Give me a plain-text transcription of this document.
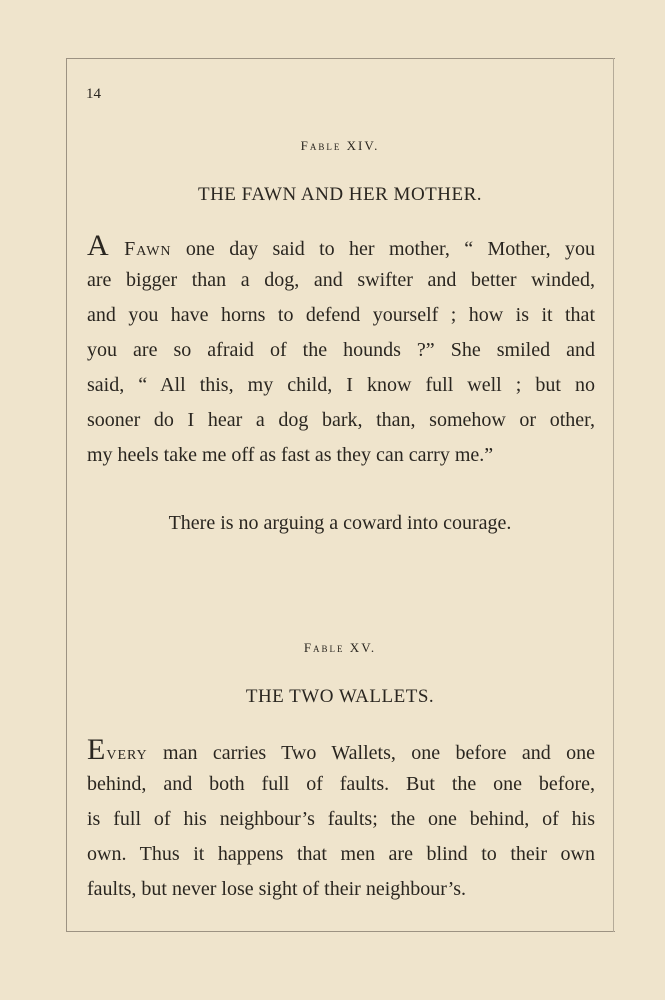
14
Fable XIV.
THE FAWN AND HER MOTHER.
A Fawn one day said to her mother, “ Mother, you
are bigger than a dog, and swifter and better winded,
and you have horns to defend yourself ; how is it that
you are so afraid of the hounds ?” She smiled and
said, “ All this, my child, I know full well ; but no
sooner do I hear a dog bark, than, somehow or other,
my heels take me off as fast as they can carry me.”
There is no arguing a coward into courage.
Fable XV.
THE TWO WALLETS.
Every man carries Two Wallets, one before and one
behind, and both full of faults. But the one before,
is full of his neighbour’s faults; the one behind, of his
own. Thus it happens that men are blind to their own
faults, but never lose sight of their neighbour’s.
